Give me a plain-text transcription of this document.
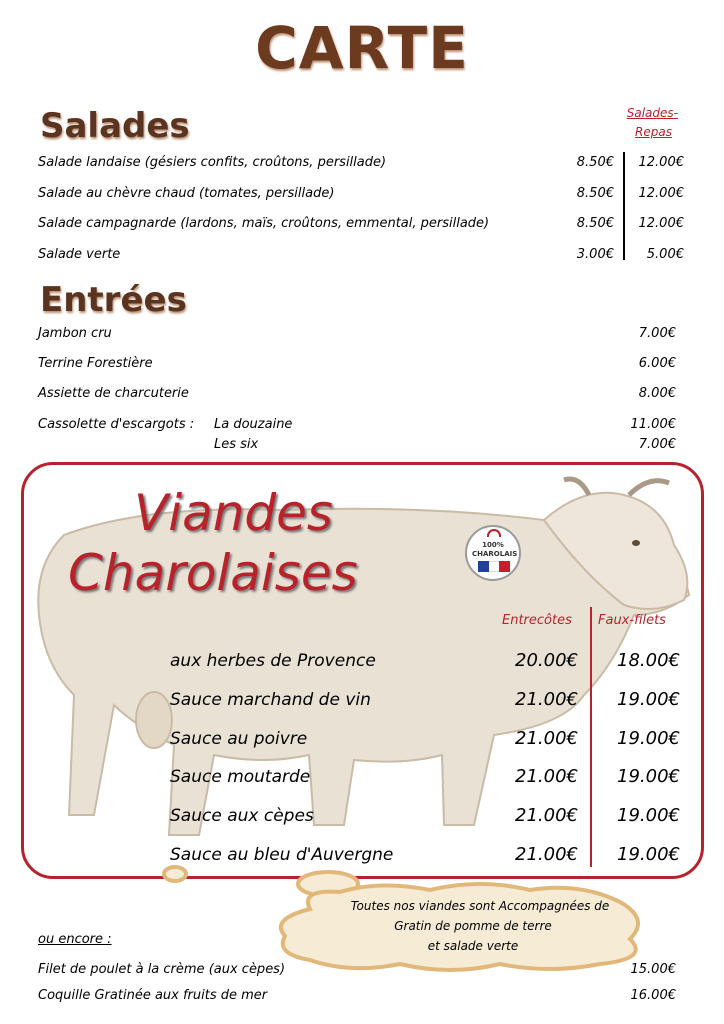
CARTE
Salades	Salades-
Repas
Salade landaise (gésiers confits, croûtons, persillade)	8.50€	12.00€
Salade au chèvre chaud (tomates, persillade)	8.50€	12.00€
Salade campagnarde (lardons, maïs, croûtons, emmental, persillade)	8.50€	12.00€
Salade verte	3.00€	5.00€
Entrées
Jambon cru	7.00€
Terrine Forestière	6.00€
Assiette de charcuterie	8.00€
Cassolette d'escargots : La douzaine	11.00€
Les six	7.00€
Viandes
Charolaises	100% CHAROLAIS
Entrecôtes Faux-filets
aux herbes de Provence	20.00€	18.00€
Sauce marchand de vin	21.00€	19.00€
Sauce au poivre	21.00€	19.00€
Sauce moutarde	21.00€	19.00€
Sauce aux cèpes	21.00€	19.00€
Sauce au bleu d'Auvergne	21.00€	19.00€
Toutes nos viandes sont Accompagnées de
Gratin de pomme de terre
et salade verte
ou encore :
Filet de poulet à la crème (aux cèpes)	15.00€
Coquille Gratinée aux fruits de mer	16.00€
